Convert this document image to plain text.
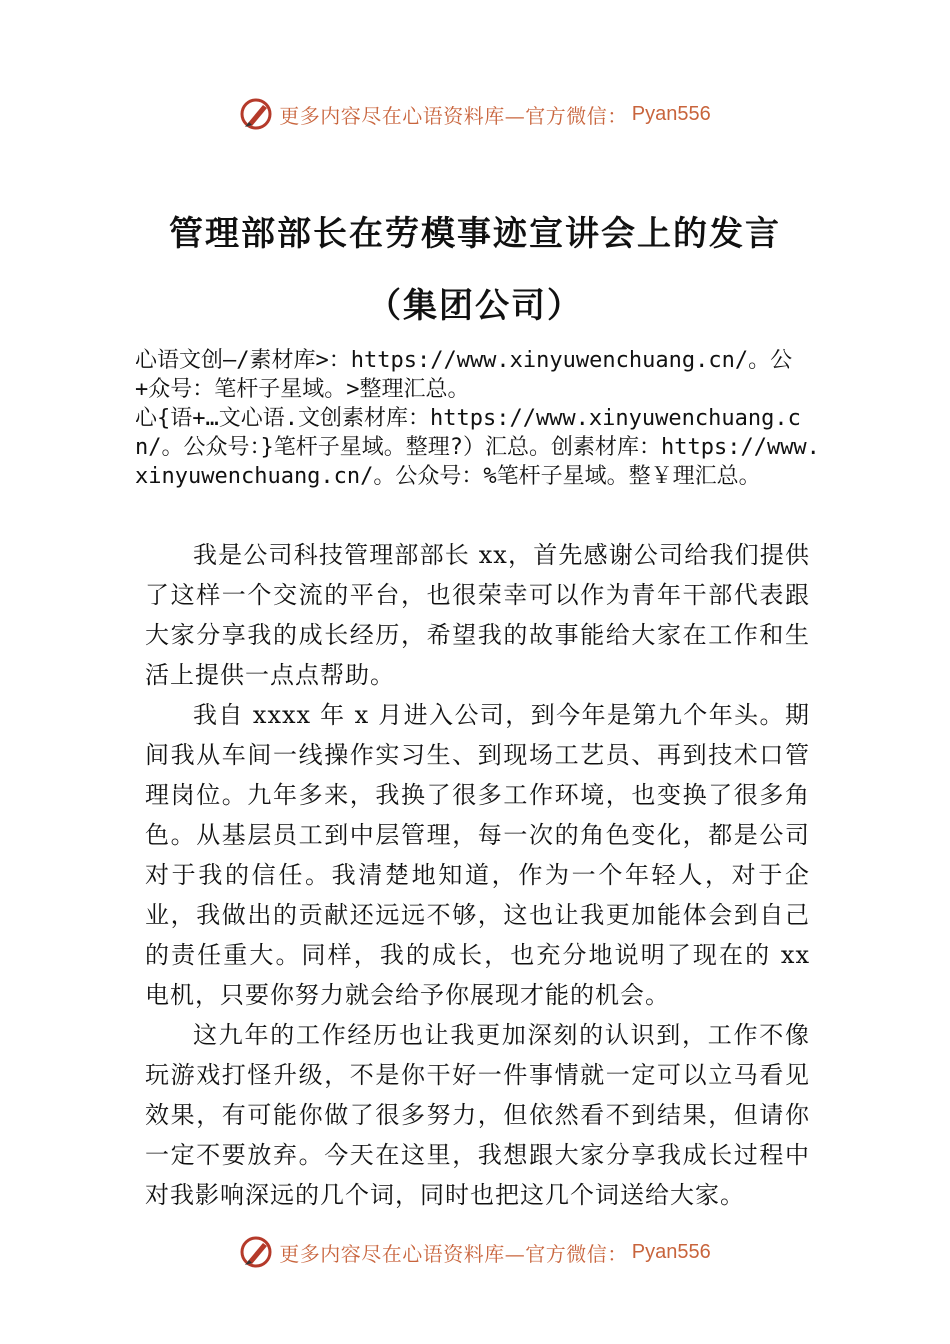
更多内容尽在心语资料库—官方微信： Pyan556
管理部部长在劳模事迹宣讲会上的发言
（集团公司）

心语文创—/素材库>：https://www.xinyuwenchuang.cn/。公+众号：笔杆子星域。>整理汇总。

心{语+…文心语.文创素材库：https://www.xinyuwenchuang.cn/。公众号：}笔杆子星域。整理?）汇总。创素材库：https://www.xinyuwenchuang.cn/。公众号：%笔杆子星域。整￥理汇总。

我是公司科技管理部部长 xx，首先感谢公司给我们提供了这样一个交流的平台，也很荣幸可以作为青年干部代表跟大家分享我的成长经历，希望我的故事能给大家在工作和生活上提供一点点帮助。

我自 xxxx 年 x 月进入公司，到今年是第九个年头。期间我从车间一线操作实习生、到现场工艺员、再到技术口管理岗位。九年多来，我换了很多工作环境，也变换了很多角色。从基层员工到中层管理，每一次的角色变化，都是公司对于我的信任。我清楚地知道，作为一个年轻人，对于企业，我做出的贡献还远远不够，这也让我更加能体会到自己的责任重大。同样，我的成长，也充分地说明了现在的 xx 电机，只要你努力就会给予你展现才能的机会。

这九年的工作经历也让我更加深刻的认识到，工作不像玩游戏打怪升级，不是你干好一件事情就一定可以立马看见效果，有可能你做了很多努力，但依然看不到结果，但请你一定不要放弃。今天在这里，我想跟大家分享我成长过程中对我影响深远的几个词，同时也把这几个词送给大家。

更多内容尽在心语资料库—官方微信： Pyan556
